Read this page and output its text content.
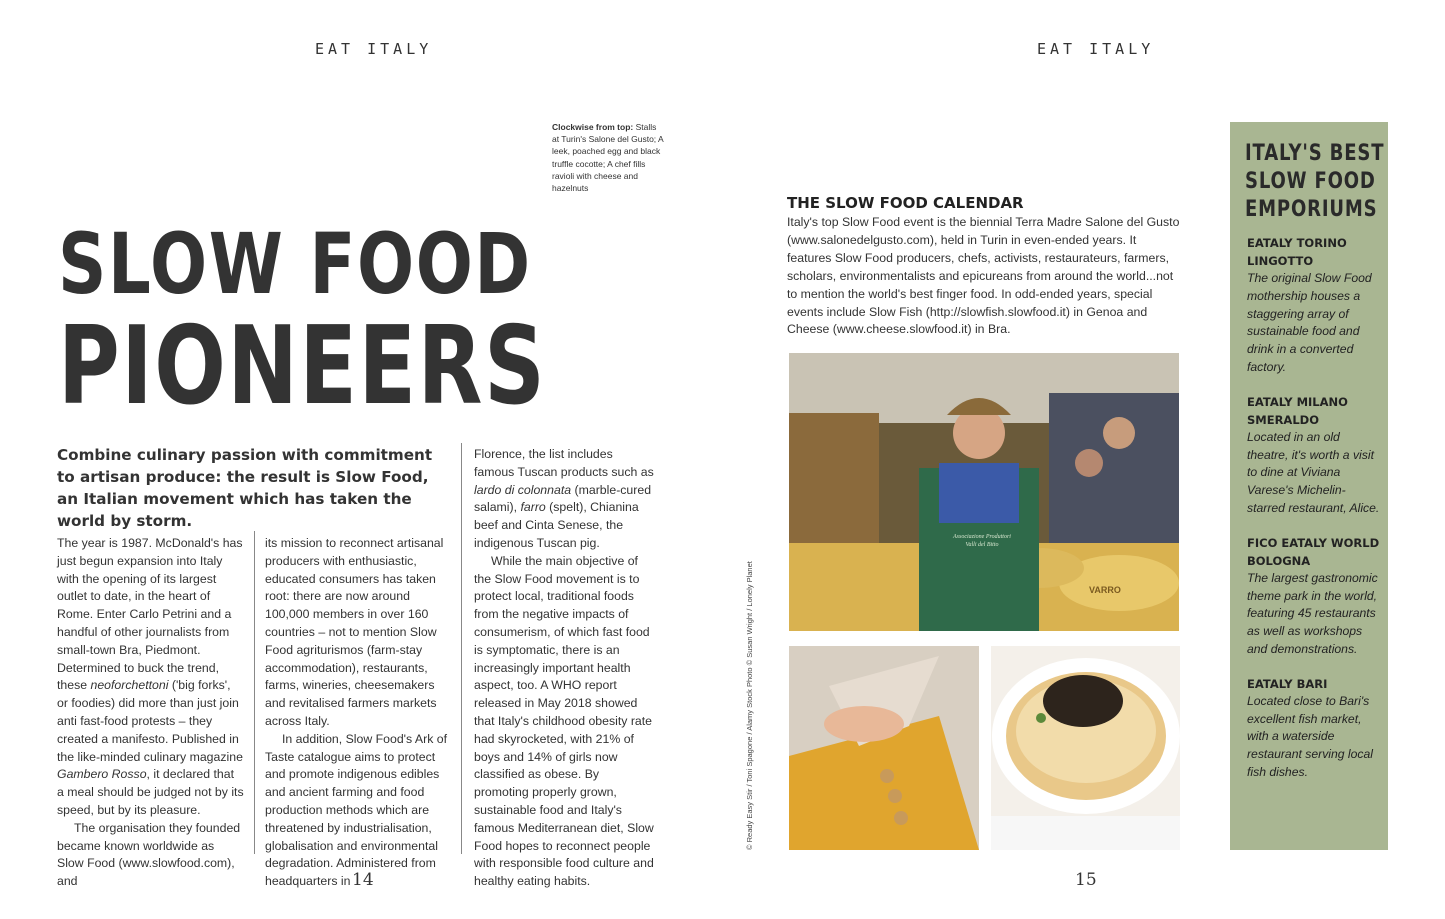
EAT ITALY
Clockwise from top: Stalls at Turin's Salone del Gusto; A leek, poached egg and black truffle cocotte; A chef fills ravioli with cheese and hazelnuts
SLOW FOOD
PIONEERS
Combine culinary passion with commitment to artisan produce: the result is Slow Food, an Italian movement which has taken the world by storm.

The year is 1987. McDonald's has just begun expansion into Italy with the opening of its largest outlet to date, in the heart of Rome. Enter Carlo Petrini and a handful of other journalists from small-town Bra, Piedmont. Determined to buck the trend, these neoforchettoni ('big forks', or foodies) did more than just join anti fast-food protests – they created a manifesto. Published in the like-minded culinary magazine Gambero Rosso, it declared that a meal should be judged not by its speed, but by its pleasure.

The organisation they founded became known worldwide as Slow Food (www.slowfood.com), and

its mission to reconnect artisanal producers with enthusiastic, educated consumers has taken root: there are now around 100,000 members in over 160 countries – not to mention Slow Food agriturismos (farm-stay accommodation), restaurants, farms, wineries, cheesemakers and revitalised farmers markets across Italy.

In addition, Slow Food's Ark of Taste catalogue aims to protect and promote indigenous edibles and ancient farming and food production methods which are threatened by industrialisation, globalisation and environmental degradation. Administered from headquarters in

Florence, the list includes famous Tuscan products such as lardo di colonnata (marble-cured salami), farro (spelt), Chianina beef and Cinta Senese, the indigenous Tuscan pig.

While the main objective of the Slow Food movement is to protect local, traditional foods from the negative impacts of consumerism, of which fast food is symptomatic, there is an increasingly important health aspect, too. A WHO report released in May 2018 showed that Italy's childhood obesity rate had skyrocketed, with 21% of boys and 14% of girls now classified as obese. By promoting properly grown, sustainable food and Italy's famous Mediterranean diet, Slow Food hopes to reconnect people with responsible food culture and healthy eating habits.

14
EAT ITALY
THE SLOW FOOD CALENDAR
Italy's top Slow Food event is the biennial Terra Madre Salone del Gusto (www.salonedelgusto.com), held in Turin in even-ended years. It features Slow Food producers, chefs, activists, restaurateurs, farmers, scholars, environmentalists and epicureans from around the world...not to mention the world's best finger food. In odd-ended years, special events include Slow Fish (http://slowfish.slowfood.it) in Genoa and Cheese (www.cheese.slowfood.it) in Bra.
Associazione Produttori Valli del Bitto
VARRO
© Ready Easy Stir / Toni Spagone / Alamy Stock Photo © Susan Wright / Lonely Planet
ITALY'S BEST
SLOW FOOD
EMPORIUMS
EATALY TORINO LINGOTTO
The original Slow Food mothership houses a staggering array of sustainable food and drink in a converted factory.
EATALY MILANO SMERALDO
Located in an old theatre, it's worth a visit to dine at Viviana Varese's Michelin-starred restaurant, Alice.
FICO EATALY WORLD BOLOGNA
The largest gastronomic theme park in the world, featuring 45 restaurants as well as workshops and demonstrations.
EATALY BARI
Located close to Bari's excellent fish market, with a waterside restaurant serving local fish dishes.
15
